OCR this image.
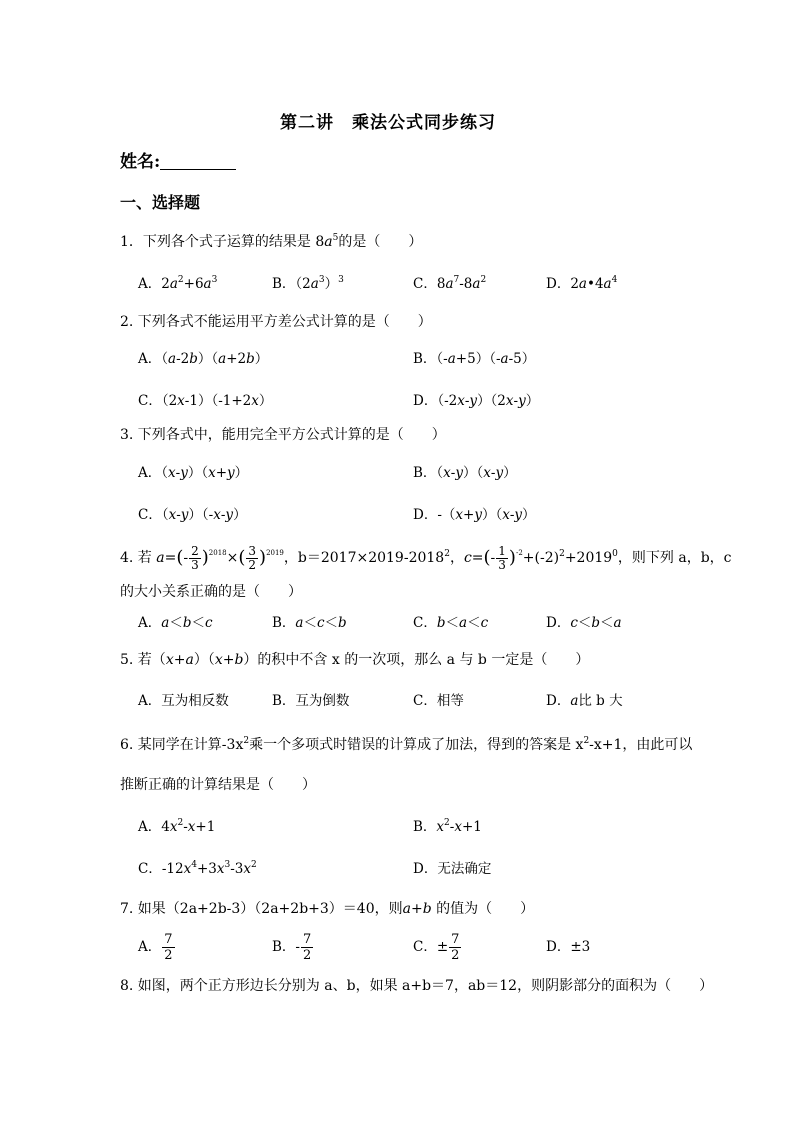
第二讲　乘法公式同步练习
姓名:
一、选择题
1．下列各个式子运算的结果是 $8a^5$的是（　　）
A．$2a^2+6a^3$	B．$(2a^3)^3$	C．$8a^7-8a^2$	D．$2a•4a^4$
2. 下列各式不能运用平方差公式计算的是（　　）
A．（a-2b）（a+2b）	B．（-a+5）（-a-5）
C．（2x-1）（-1+2x）	D．（-2x-y）（2x-y）
3. 下列各式中，能用完全平方公式计算的是（　　）
A．（x-y）（x+y）	B．（x-y）（x-y）
C．（x-y）（-x-y）	D．-（x+y）（x-y）
4. 若 $a=(- \frac{2}{3} )^{2018}\times( \frac{3}{2} )^{2019}$，$b=2017\times 2019-2018^2$，$c=(- \frac{1}{3} )^{-2}+(-2)^2+2019^0$，则下列 a，b，c
的大小关系正确的是（　　）
A．a＜b＜c	B．a＜c＜b	C．b＜a＜c	D．c＜b＜a
5. 若（x+a）（x+b）的积中不含 x 的一次项，那么 a 与 b 一定是（　　）
A．互为相反数	B．互为倒数	C．相等	D．a比 b 大
6. 某同学在计算$-3x^2$乘一个多项式时错误的计算成了加法，得到的答案是 $x^2-x+1$，由此可以
推断正确的计算结果是（　　）
A．$4x^2-x+1$	B．$x^2-x+1$
C．$-12x^4+3x^3-3x^2$	D．无法确定
7. 如果（2a+2b-3）（2a+2b+3）＝40，则a+b 的值为（　　）
A． $\frac{7}{2}$	B．- $\frac{7}{2}$	C．± $\frac{7}{2}$	D．±3
8. 如图，两个正方形边长分别为 a、b，如果 a+b＝7，ab＝12，则阴影部分的面积为（　　）
